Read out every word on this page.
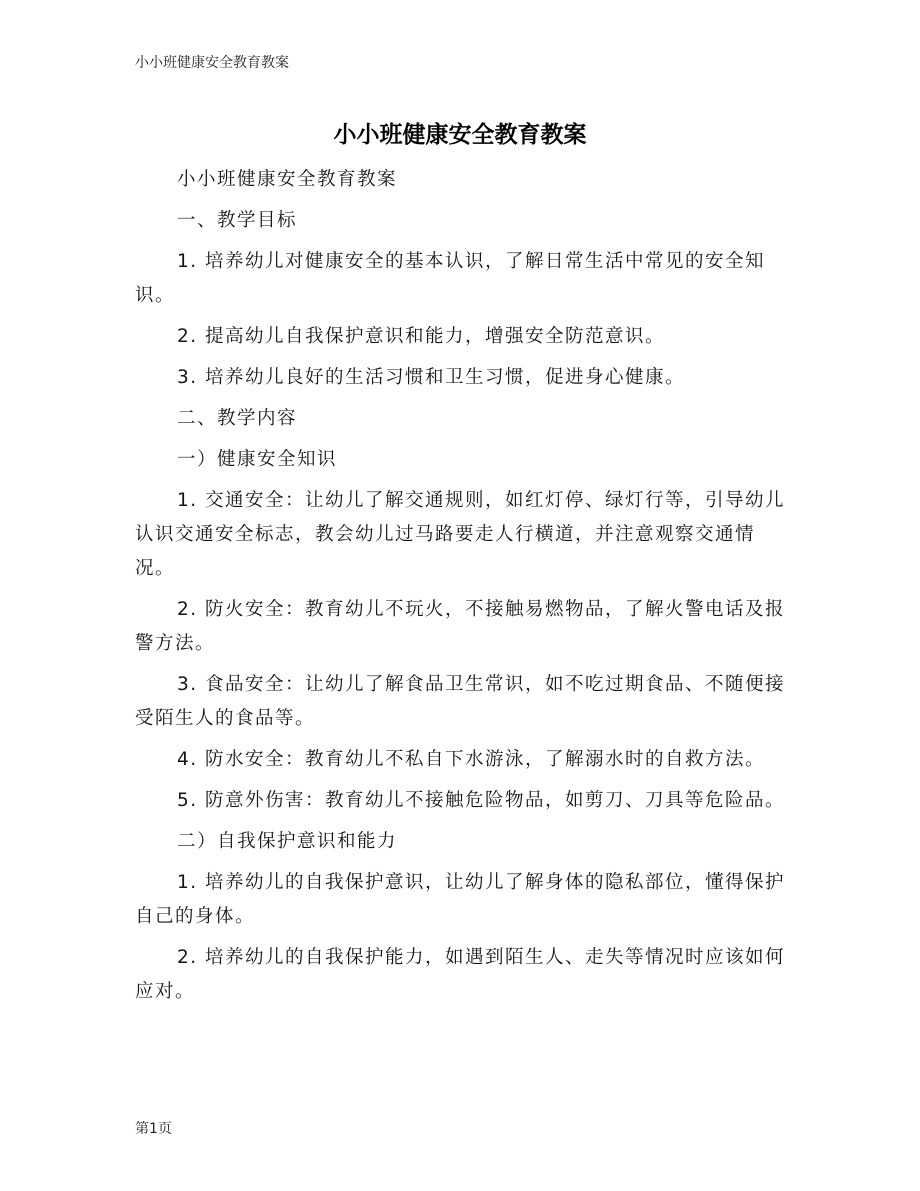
小小班健康安全教育教案
小小班健康安全教育教案

小小班健康安全教育教案

一、教学目标

1. 培养幼儿对健康安全的基本认识，了解日常生活中常见的安全知识。

2. 提高幼儿自我保护意识和能力，增强安全防范意识。

3. 培养幼儿良好的生活习惯和卫生习惯，促进身心健康。

二、教学内容

一）健康安全知识

1. 交通安全：让幼儿了解交通规则，如红灯停、绿灯行等，引导幼儿认识交通安全标志，教会幼儿过马路要走人行横道，并注意观察交通情况。

2. 防火安全：教育幼儿不玩火，不接触易燃物品，了解火警电话及报警方法。

3. 食品安全：让幼儿了解食品卫生常识，如不吃过期食品、不随便接受陌生人的食品等。

4. 防水安全：教育幼儿不私自下水游泳，了解溺水时的自救方法。

5. 防意外伤害：教育幼儿不接触危险物品，如剪刀、刀具等危险品。

二）自我保护意识和能力

1. 培养幼儿的自我保护意识，让幼儿了解身体的隐私部位，懂得保护自己的身体。

2. 培养幼儿的自我保护能力，如遇到陌生人、走失等情况时应该如何应对。

第1页
